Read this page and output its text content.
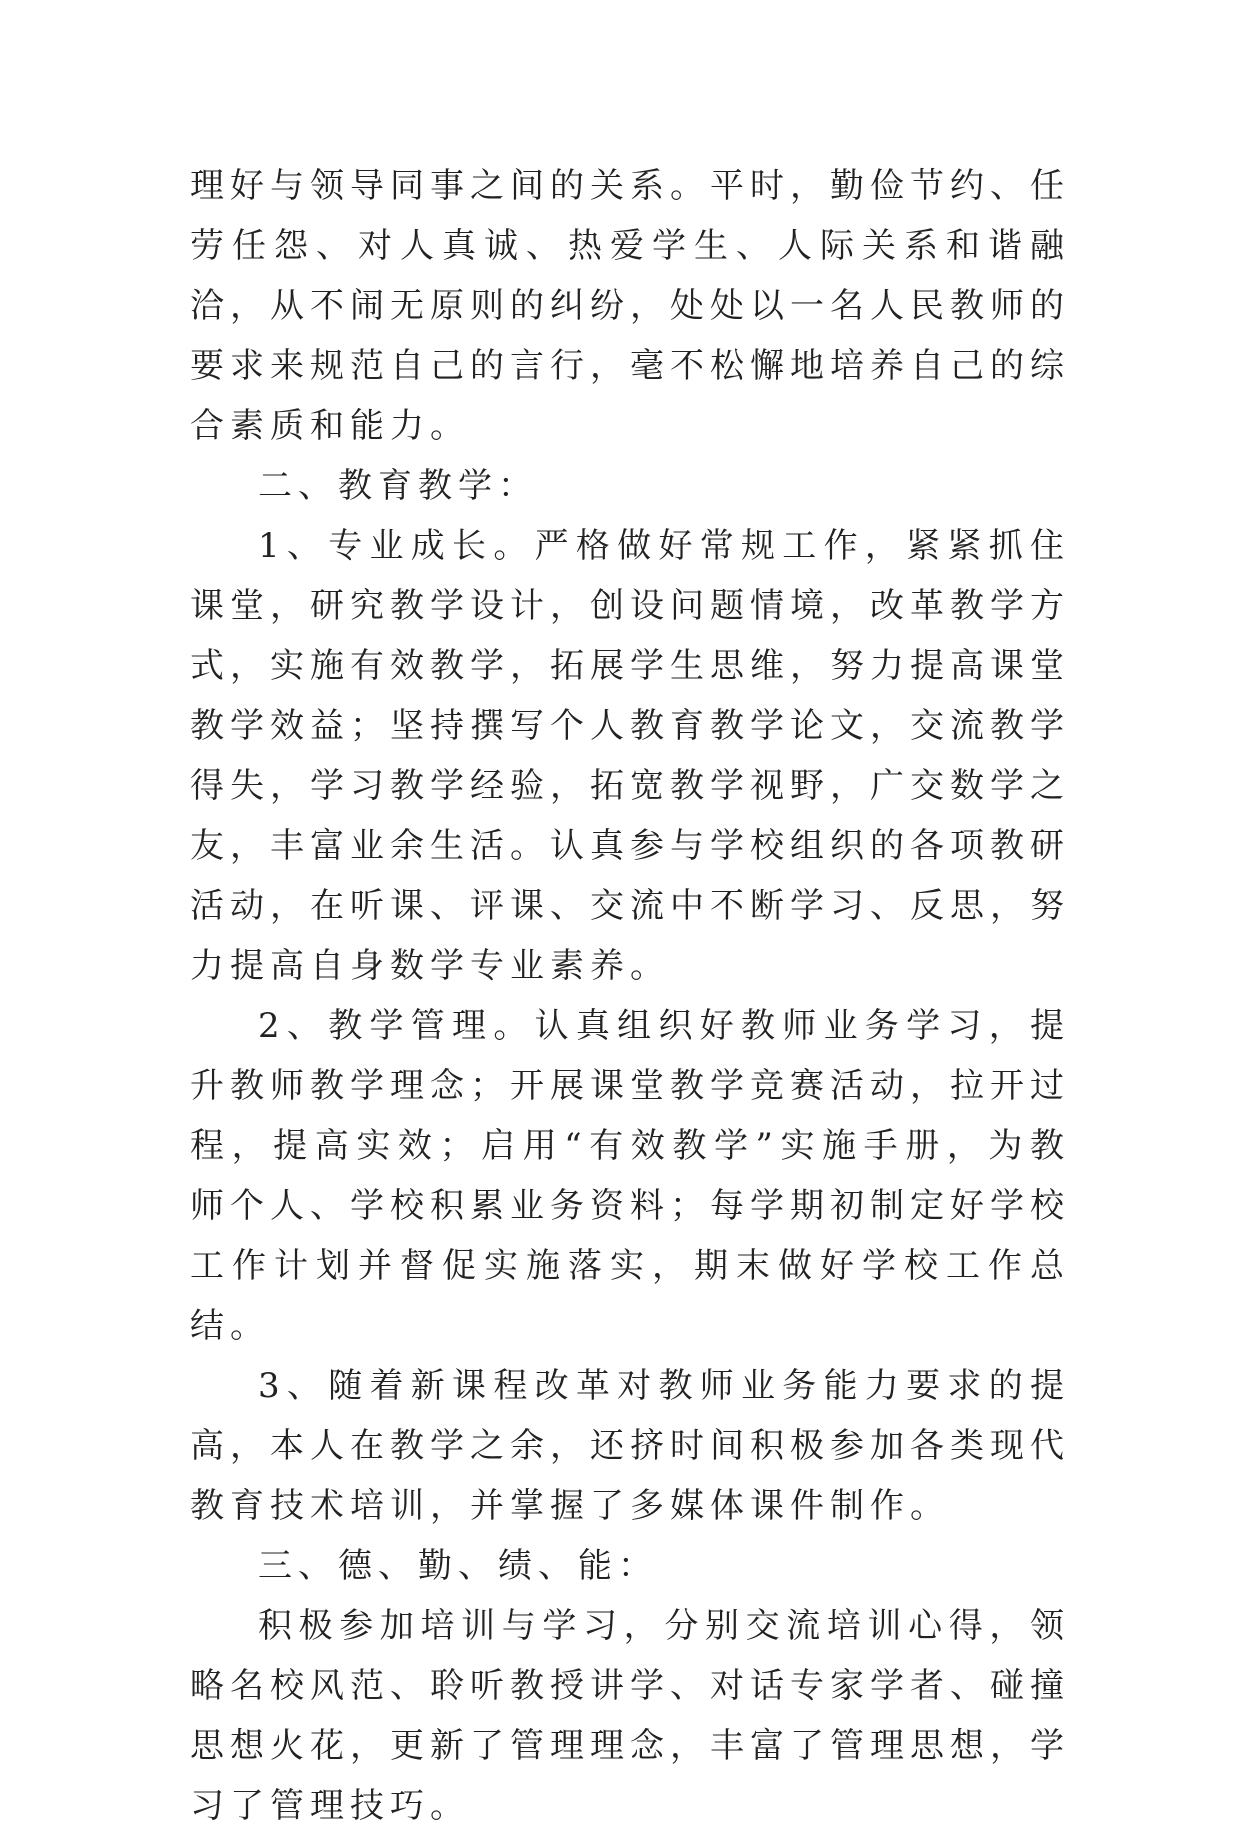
理好与领导同事之间的关系。平时，勤俭节约、任劳任怨、对人真诚、热爱学生、人际关系和谐融洽，从不闹无原则的纠纷，处处以一名人民教师的要求来规范自己的言行，毫不松懈地培养自己的综合素质和能力。

二、教育教学：

1、专业成长。严格做好常规工作，紧紧抓住课堂，研究教学设计，创设问题情境，改革教学方式，实施有效教学，拓展学生思维，努力提高课堂教学效益；坚持撰写个人教育教学论文，交流教学得失，学习教学经验，拓宽教学视野，广交数学之友，丰富业余生活。认真参与学校组织的各项教研活动，在听课、评课、交流中不断学习、反思，努力提高自身数学专业素养。

2、教学管理。认真组织好教师业务学习，提升教师教学理念；开展课堂教学竞赛活动，拉开过程，提高实效；启用“有效教学”实施手册，为教师个人、学校积累业务资料；每学期初制定好学校工作计划并督促实施落实，期末做好学校工作总结。

3、随着新课程改革对教师业务能力要求的提高，本人在教学之余，还挤时间积极参加各类现代教育技术培训，并掌握了多媒体课件制作。

三、德、勤、绩、能：

积极参加培训与学习，分别交流培训心得，领略名校风范、聆听教授讲学、对话专家学者、碰撞思想火花，更新了管理理念，丰富了管理思想，学习了管理技巧。
